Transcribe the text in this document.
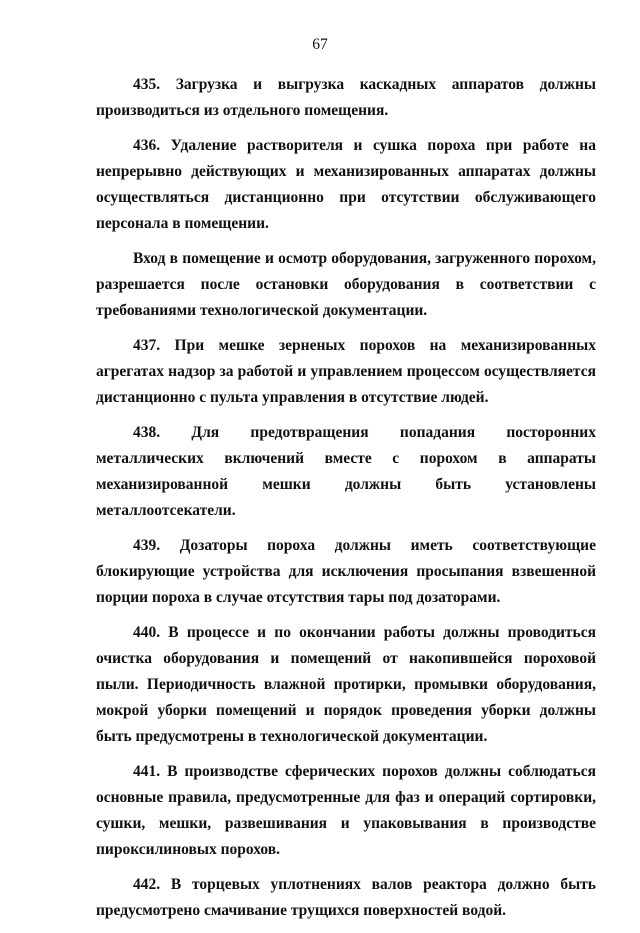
67

435. Загрузка и выгрузка каскадных аппаратов должны производиться из отдельного помещения.

436. Удаление растворителя и сушка пороха при работе на непрерывно действующих и механизированных аппаратах должны осуществляться дистанционно при отсутствии обслуживающего персонала в помещении.

Вход в помещение и осмотр оборудования, загруженного порохом, разрешается после остановки оборудования в соответствии с требованиями технологической документации.

437. При мешке зерненых порохов на механизированных агрегатах надзор за работой и управлением процессом осуществляется дистанционно с пульта управления в отсутствие людей.

438. Для предотвращения попадания посторонних металлических включений вместе с порохом в аппараты механизированной мешки должны быть установлены металлоотсекатели.

439. Дозаторы пороха должны иметь соответствующие блокирующие устройства для исключения просыпания взвешенной порции пороха в случае отсутствия тары под дозаторами.

440. В процессе и по окончании работы должны проводиться очистка оборудования и помещений от накопившейся пороховой пыли. Периодичность влажной протирки, промывки оборудования, мокрой уборки помещений и порядок проведения уборки должны быть предусмотрены в технологической документации.

441. В производстве сферических порохов должны соблюдаться основные правила, предусмотренные для фаз и операций сортировки, сушки, мешки, развешивания и упаковывания в производстве пироксилиновых порохов.

442. В торцевых уплотнениях валов реактора должно быть предусмотрено смачивание трущихся поверхностей водой.
